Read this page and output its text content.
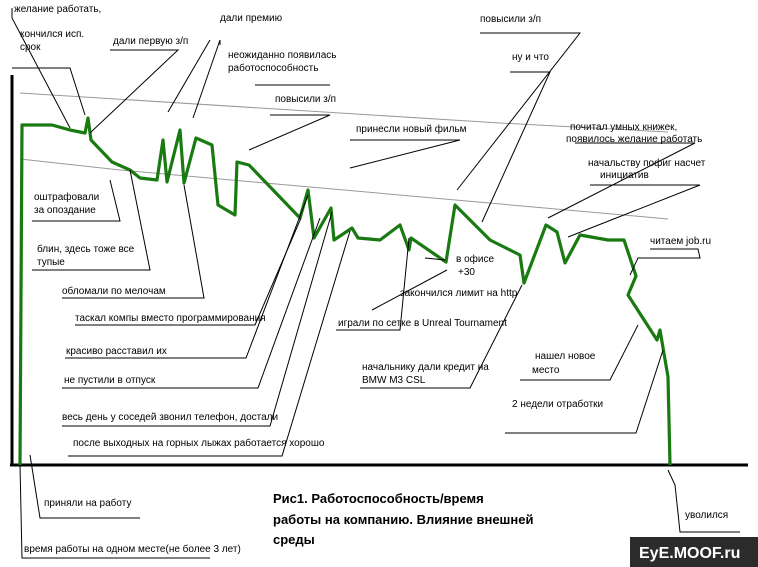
желание работать,
кончился исп.
срок
дали первую з/п
дали премию
неожиданно появилась
работоспособность
повысили з/п
принесли новый фильм
повысили з/п
ну и что
почитал умных книжек,
появилось желание работать
начальству пофиг насчет
инициатив
читаем job.ru
оштрафовали
за опоздание
блин, здесь тоже все
тупые
обломали по мелочам
таскал компы вместо программирования
красиво расставил их
не пустили в отпуск
весь день у соседей звонил телефон, достали
после выходных на горных лыжах работается хорошо
играли по сетке в Unreal Tournament
в офисе
+30
закончился лимит на http
начальнику дали кредит на
BMW M3 CSL
нашел новое
место
2 недели отработки
приняли на работу
уволился
время работы на одном месте(не более 3 лет)
Рис1. Работоспособность/время
работы на компанию. Влияние внешней
среды
EyE.MOOF.ru
